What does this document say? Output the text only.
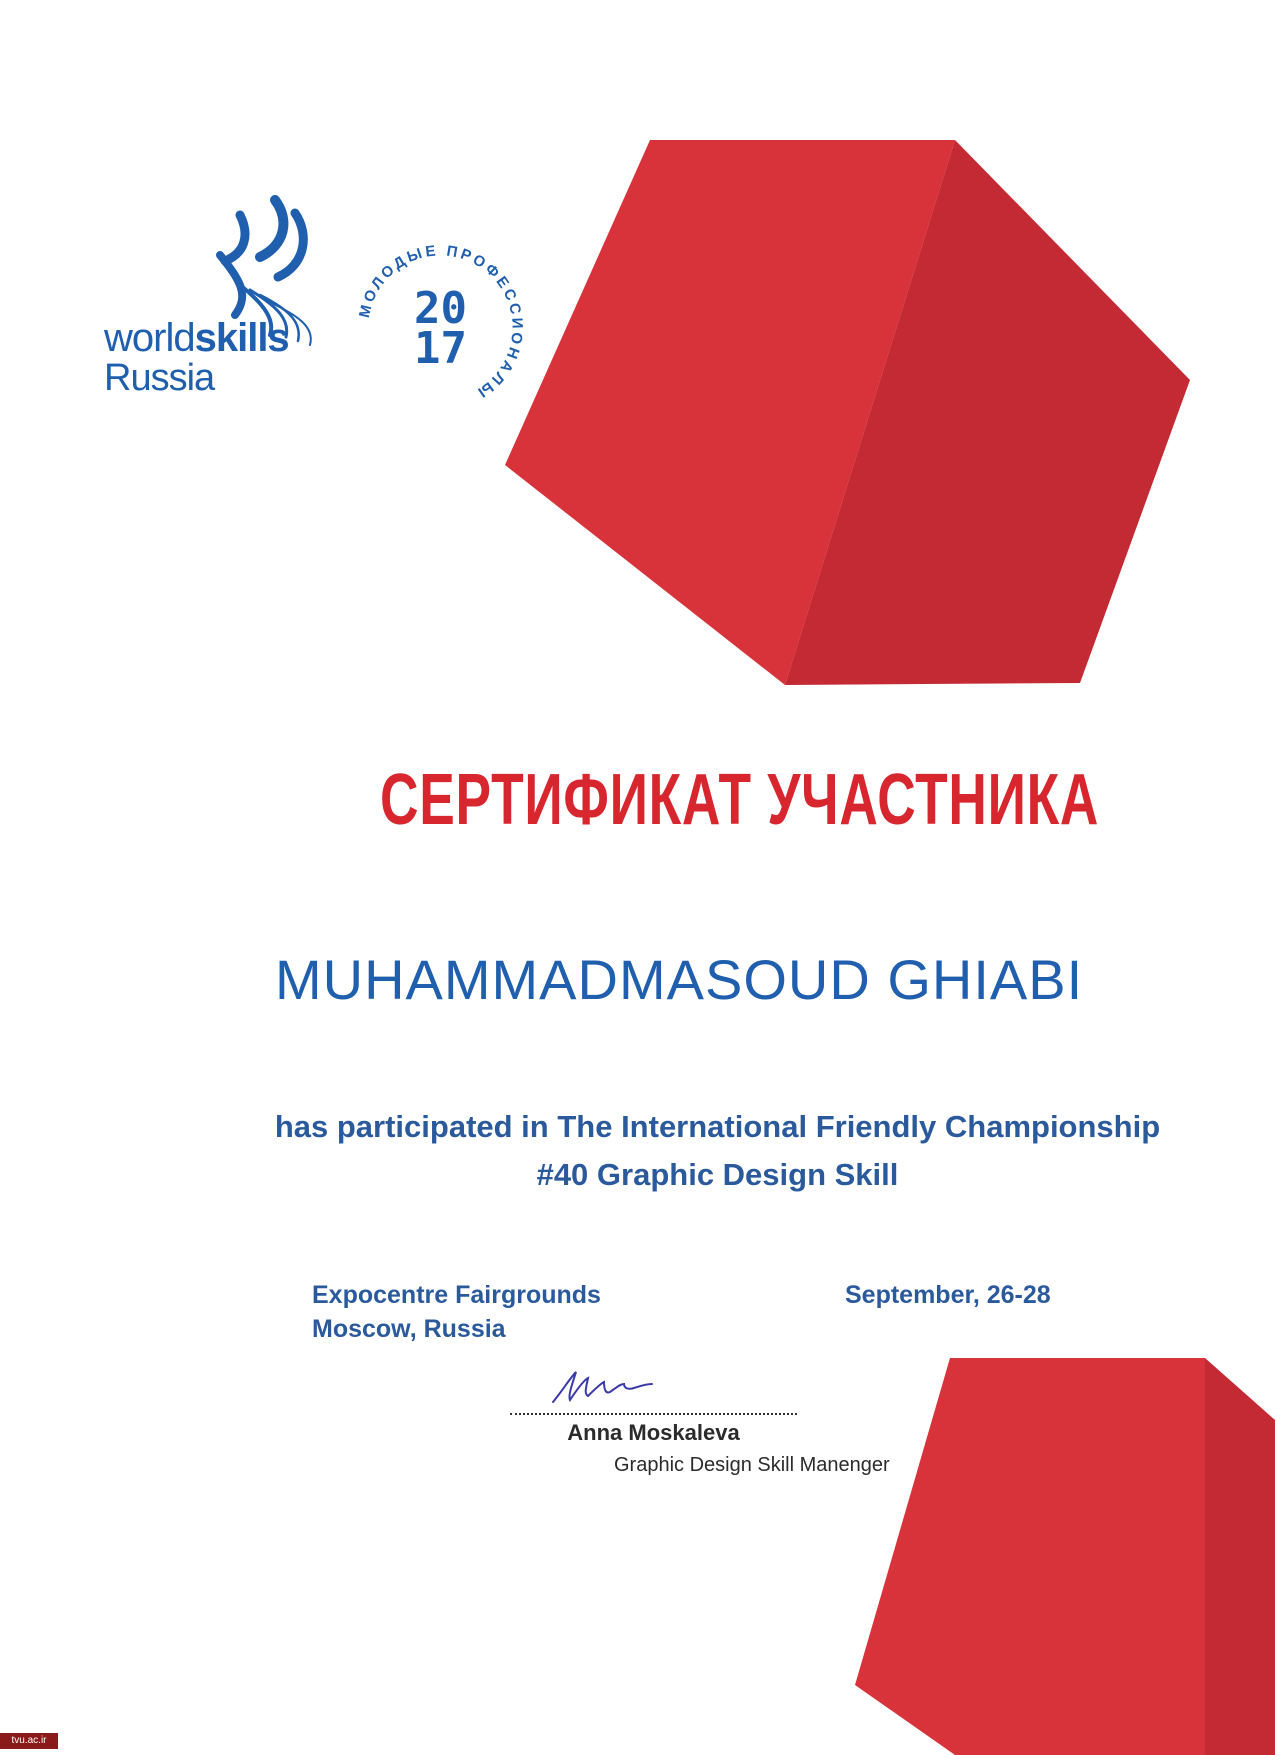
worldskills
Russia
МОЛОДЫЕ ПРОФЕССИОНАЛЫ
20
17
СЕРТИФИКАТ УЧАСТНИКА
MUHAMMADMASOUD GHIABI
has participated in The International Friendly Championship
#40 Graphic Design Skill
Expocentre Fairgrounds
Moscow, Russia
September, 26-28
Anna Moskaleva
Graphic Design Skill Manenger
tvu.ac.ir
